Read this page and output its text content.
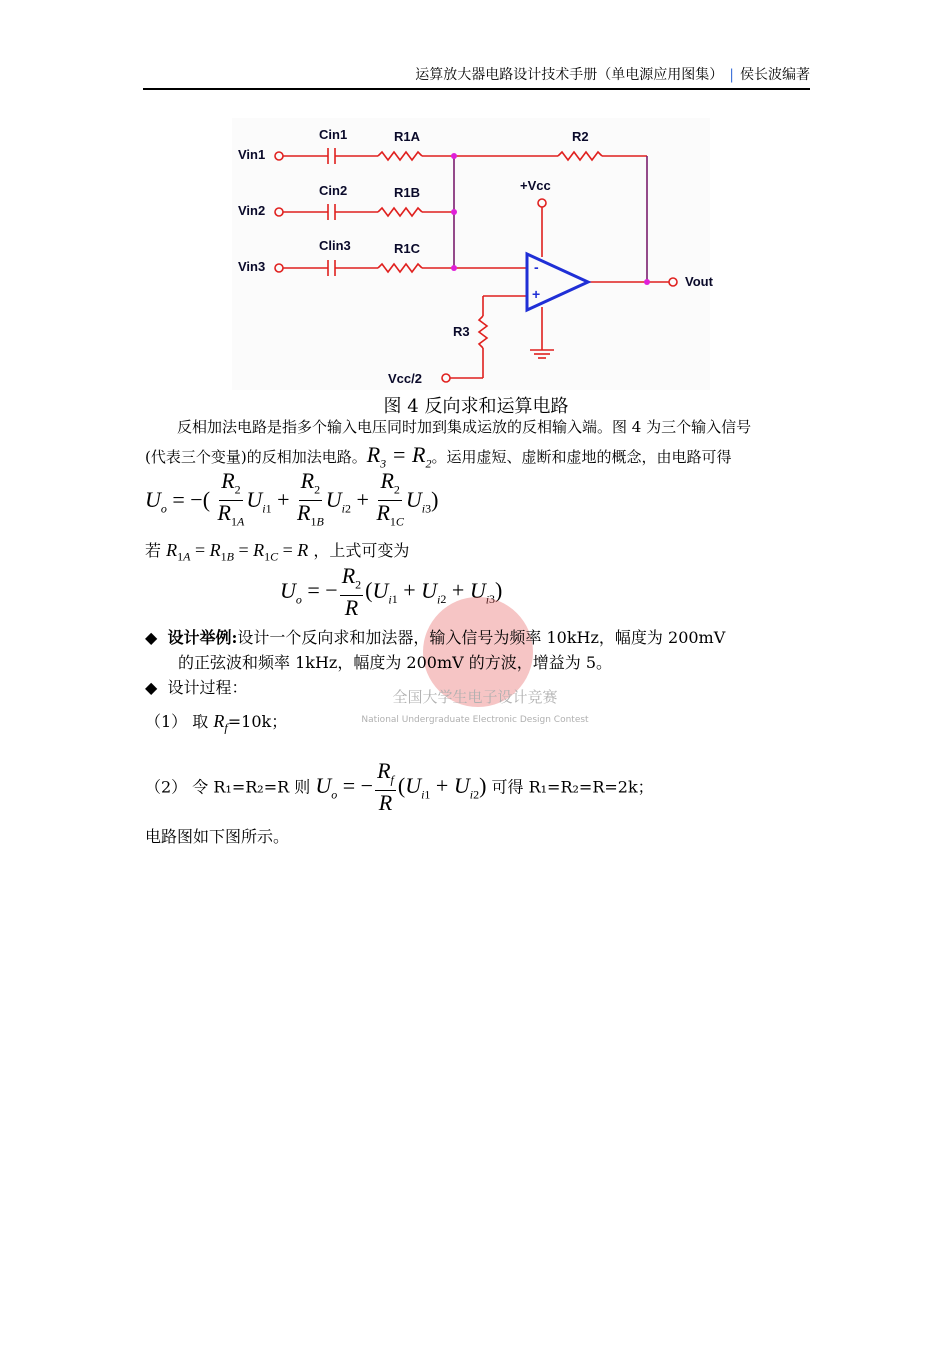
运算放大器电路设计技术手册（单电源应用图集） | 侯长波编著
Vin1
Vin2
Vin3
Cin1
Cin2
Clin3
R1A
R1B
R1C
R2
+Vcc
R3
Vcc/2
Vout
-
+
图 4 反向求和运算电路
反相加法电路是指多个输入电压同时加到集成运放的反相输入端。图 4 为三个输入信号
(代表三个变量)的反相加法电路。$R_3 = R_2$。运用虚短、虚断和虚地的概念，由电路可得
$U_o$ = −( $\frac{R_2}{R_{1A}} U_{i1} + \frac{R_2}{R_{1B}} U_{i2} + \frac{R_2}{R_{1C}} U_{i3}$)
若 $R_{1A} = R_{1B} = R_{1C} = R$ ，上式可变为
$U_o$ = − $\frac{R_2}{R} (U_{i1} + U_{i2} + U_{i3})$
全国大学生电子设计竞赛
National Undergraduate Electronic Design Contest
◆ 设计举例:设计一个反向求和加法器，输入信号为频率 10kHz，幅度为 200mV
的正弦波和频率 1kHz，幅度为 200mV 的方波，增益为 5。
◆ 设计过程：
（1） 取 $R_f=10k$；
（2） 令 R₁=R₂=R 则 $U_o$ = − $\frac{R_f}{R} (U_{i1} + U_{i2})$ 可得 R₁=R₂=R=2k；
电路图如下图所示。
